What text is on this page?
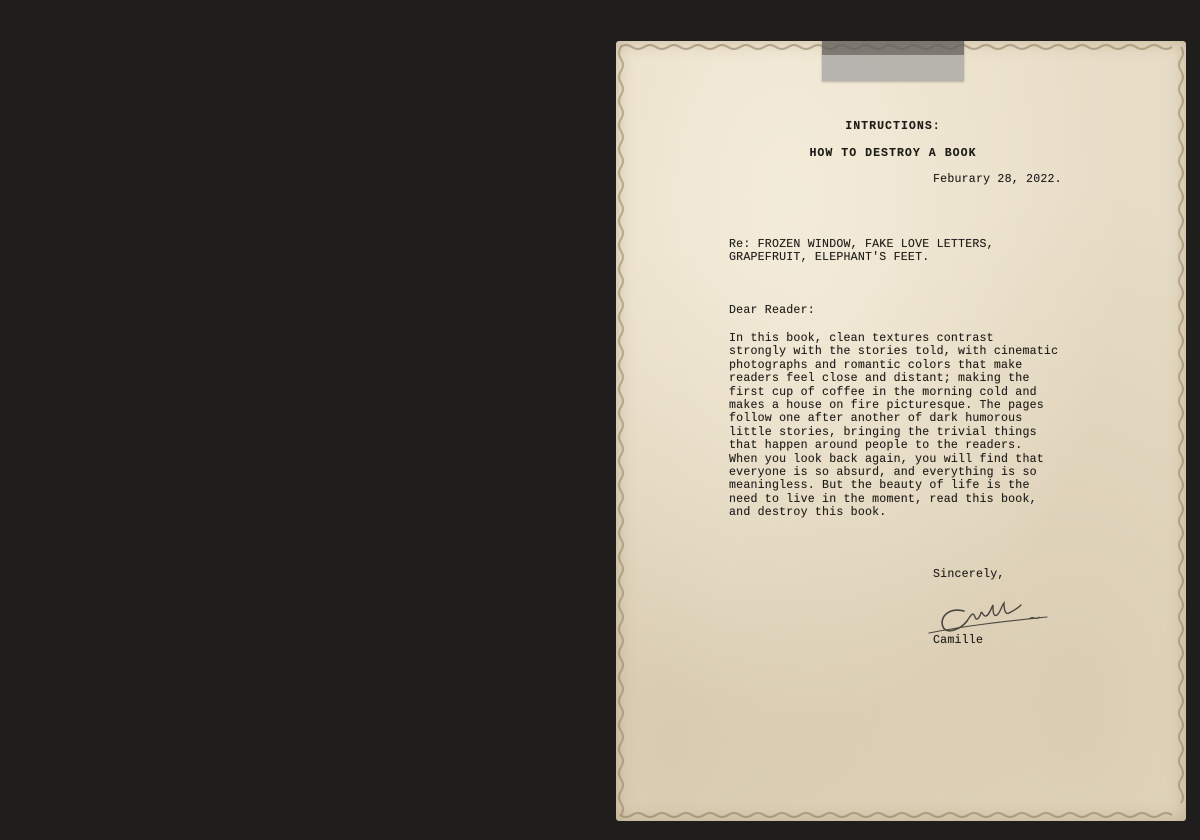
INTRUCTIONS:

HOW TO DESTROY A BOOK

Feburary 28, 2022.
Re: FROZEN WINDOW, FAKE LOVE LETTERS,
GRAPEFRUIT, ELEPHANT'S FEET.
Dear Reader:
In this book, clean textures contrast
strongly with the stories told, with cinematic
photographs and romantic colors that make
readers feel close and distant; making the
first cup of coffee in the morning cold and
makes a house on fire picturesque. The pages
follow one after another of dark humorous
little stories, bringing the trivial things
that happen around people to the readers.
When you look back again, you will find that
everyone is so absurd, and everything is so
meaningless. But the beauty of life is the
need to live in the moment, read this book,
and destroy this book.
Sincerely,
Camille
